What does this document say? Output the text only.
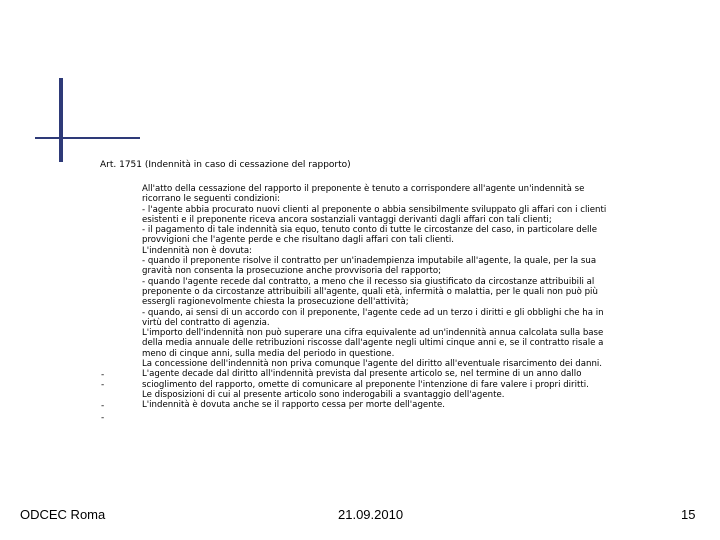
Art. 1751 (Indennità in caso di cessazione del rapporto)
All'atto della cessazione del rapporto il preponente è tenuto a corrispondere all'agente un'indennità se
ricorrano le seguenti condizioni:
- l'agente abbia procurato nuovi clienti al preponente o abbia sensibilmente sviluppato gli affari con i clienti
esistenti e il preponente riceva ancora sostanziali vantaggi derivanti dagli affari con tali clienti;
- il pagamento di tale indennità sia equo, tenuto conto di tutte le circostanze del caso, in particolare delle
provvigioni che l'agente perde e che risultano dagli affari con tali clienti.
L'indennità non è dovuta:
- quando il preponente risolve il contratto per un'inadempienza imputabile all'agente, la quale, per la sua
gravità non consenta la prosecuzione anche provvisoria del rapporto;
- quando l'agente recede dal contratto, a meno che il recesso sia giustificato da circostanze attribuibili al
preponente o da circostanze attribuibili all'agente, quali età, infermità o malattia, per le quali non può più
essergli ragionevolmente chiesta la prosecuzione dell'attività;
- quando, ai sensi di un accordo con il preponente, l'agente cede ad un terzo i diritti e gli obblighi che ha in
virtù del contratto di agenzia.
L'importo dell'indennità non può superare una cifra equivalente ad un'indennità annua calcolata sulla base
della media annuale delle retribuzioni riscosse dall'agente negli ultimi cinque anni e, se il contratto risale a
meno di cinque anni, sulla media del periodo in questione.
La concessione dell'indennità non priva comunque l'agente del diritto all'eventuale risarcimento dei danni.
L'agente decade dal diritto all'indennità prevista dal presente articolo se, nel termine di un anno dallo
scioglimento del rapporto, omette di comunicare al preponente l'intenzione di fare valere i propri diritti.
Le disposizioni di cui al presente articolo sono inderogabili a svantaggio dell'agente.
L'indennità è dovuta anche se il rapporto cessa per morte dell'agente.
-
-
-
-
ODCEC Roma	21.09.2010	15
